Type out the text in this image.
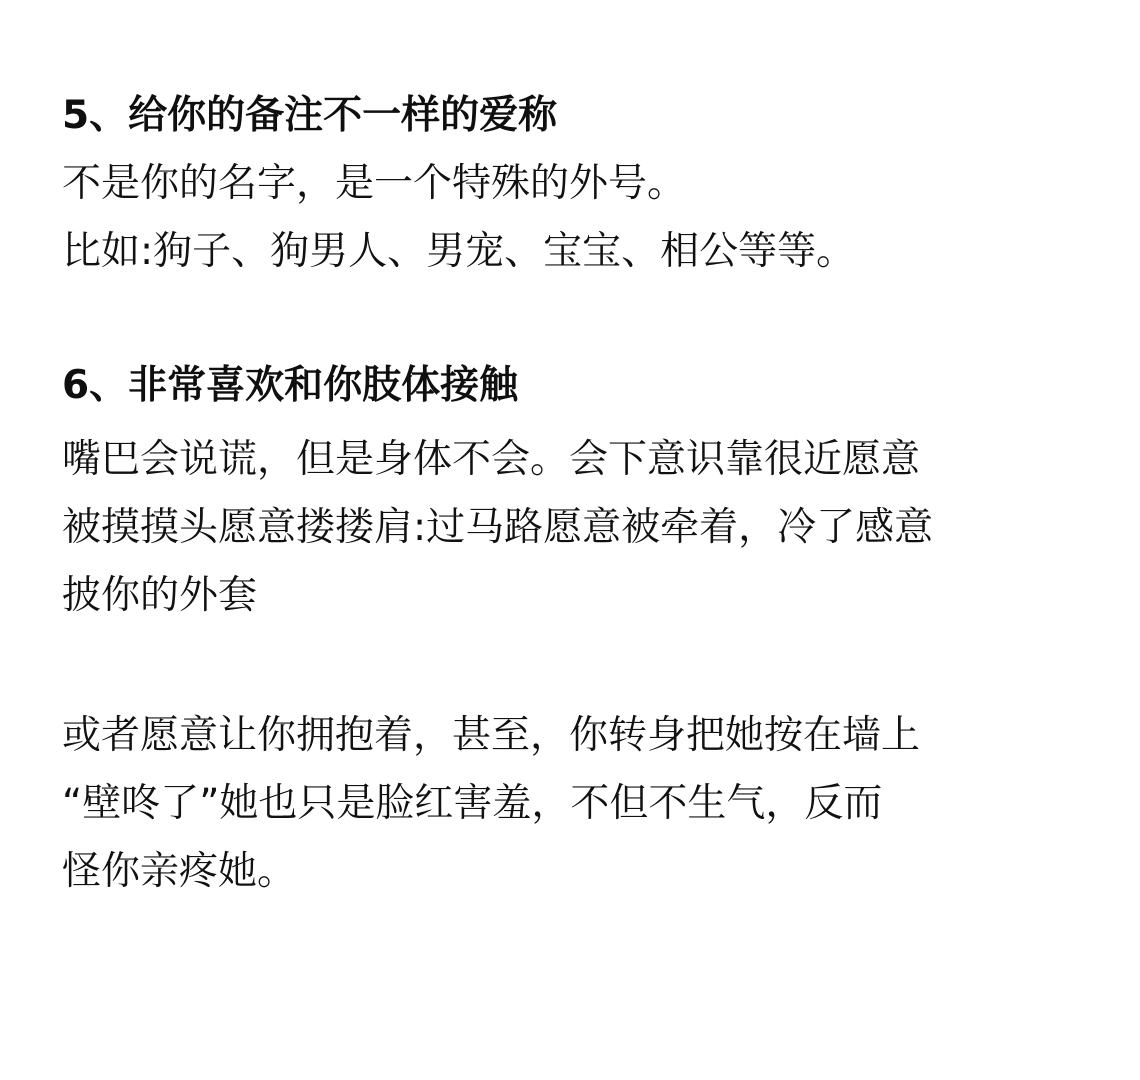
5、给你的备注不一样的爱称

不是你的名字，是一个特殊的外号。

比如:狗子、狗男人、男宠、宝宝、相公等等。

6、非常喜欢和你肢体接触

嘴巴会说谎，但是身体不会。会下意识靠很近愿意

被摸摸头愿意搂搂肩:过马路愿意被牵着，冷了感意

披你的外套

或者愿意让你拥抱着，甚至，你转身把她按在墙上

“壁咚了”她也只是脸红害羞，不但不生气，反而

怪你亲疼她。
